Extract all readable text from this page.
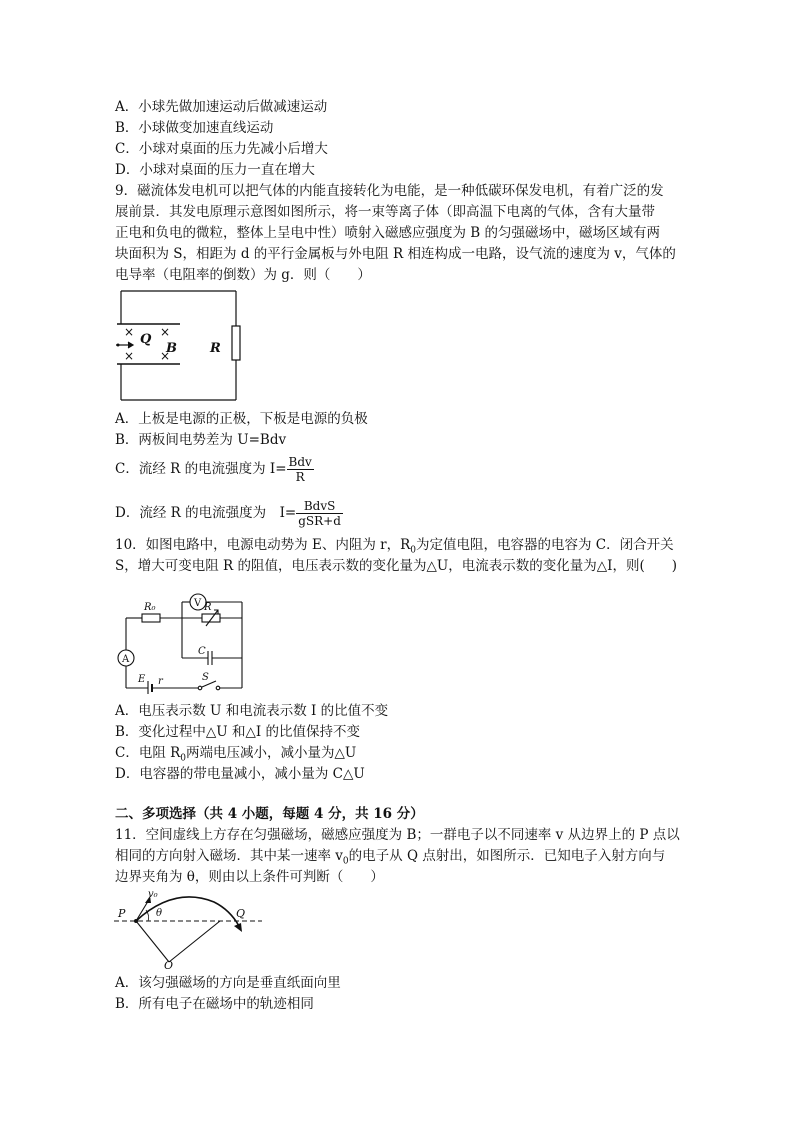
A．小球先做加速运动后做减速运动
B．小球做变加速直线运动
C．小球对桌面的压力先减小后增大
D．小球对桌面的压力一直在增大
9．磁流体发电机可以把气体的内能直接转化为电能，是一种低碳环保发电机，有着广泛的发
展前景．其发电原理示意图如图所示，将一束等离子体（即高温下电离的气体，含有大量带
正电和负电的微粒，整体上呈电中性）喷射入磁感应强度为 B 的匀强磁场中，磁场区域有两
块面积为 S，相距为 d 的平行金属板与外电阻 R 相连构成一电路，设气流的速度为 v，气体的
电导率（电阻率的倒数）为 g．则（　　）
× ×
× ×
Q
B	R
A．上板是电源的正极，下板是电源的负极
B．两板间电势差为 U=Bdv
C．流经 R 的电流强度为 $I= \frac{\text{Bdv}}{R}$
D．流经 R 的电流强度为　$I= \frac{\text{BdvS}}{\text{gSR+d}}$
10．如图电路中，电源电动势为 E、内阻为 r，$R_0$为定值电阻，电容器的电容为 C．闭合开关
S，增大可变电阻 R 的阻值，电压表示数的变化量为△U，电流表示数的变化量为△I，则(　　)
V
A
R₀	R
C
E r	S
A．电压表示数 U 和电流表示数 I 的比值不变
B．变化过程中△U 和△I 的比值保持不变
C．电阻 $R_0$两端电压减小，减小量为△U
D．电容器的带电量减小，减小量为 C△U
二、多项选择（共 4 小题，每题 4 分，共 16 分）
11．空间虚线上方存在匀强磁场，磁感应强度为 B；一群电子以不同速率 v 从边界上的 P 点以
相同的方向射入磁场．其中某一速率 $v_0$的电子从 Q 点射出，如图所示．已知电子入射方向与
边界夹角为 θ，则由以上条件可判断（　　）
P	Q
O
v₀
θ
A．该匀强磁场的方向是垂直纸面向里
B．所有电子在磁场中的轨迹相同
